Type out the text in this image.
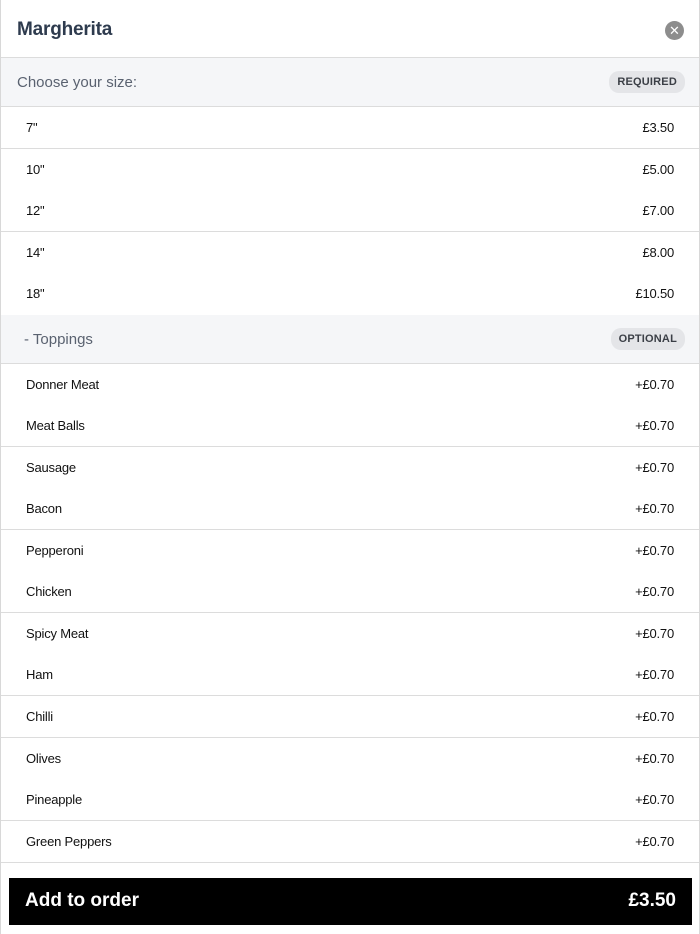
Margherita	✕
Choose your size:	REQUIRED
7"	£3.50
10"	£5.00
12"	£7.00
14"	£8.00
18"	£10.50
- Toppings	OPTIONAL
Donner Meat	+£0.70
Meat Balls	+£0.70
Sausage	+£0.70
Bacon	+£0.70
Pepperoni	+£0.70
Chicken	+£0.70
Spicy Meat	+£0.70
Ham	+£0.70
Chilli	+£0.70
Olives	+£0.70
Pineapple	+£0.70
Green Peppers	+£0.70
Add to order	£3.50
